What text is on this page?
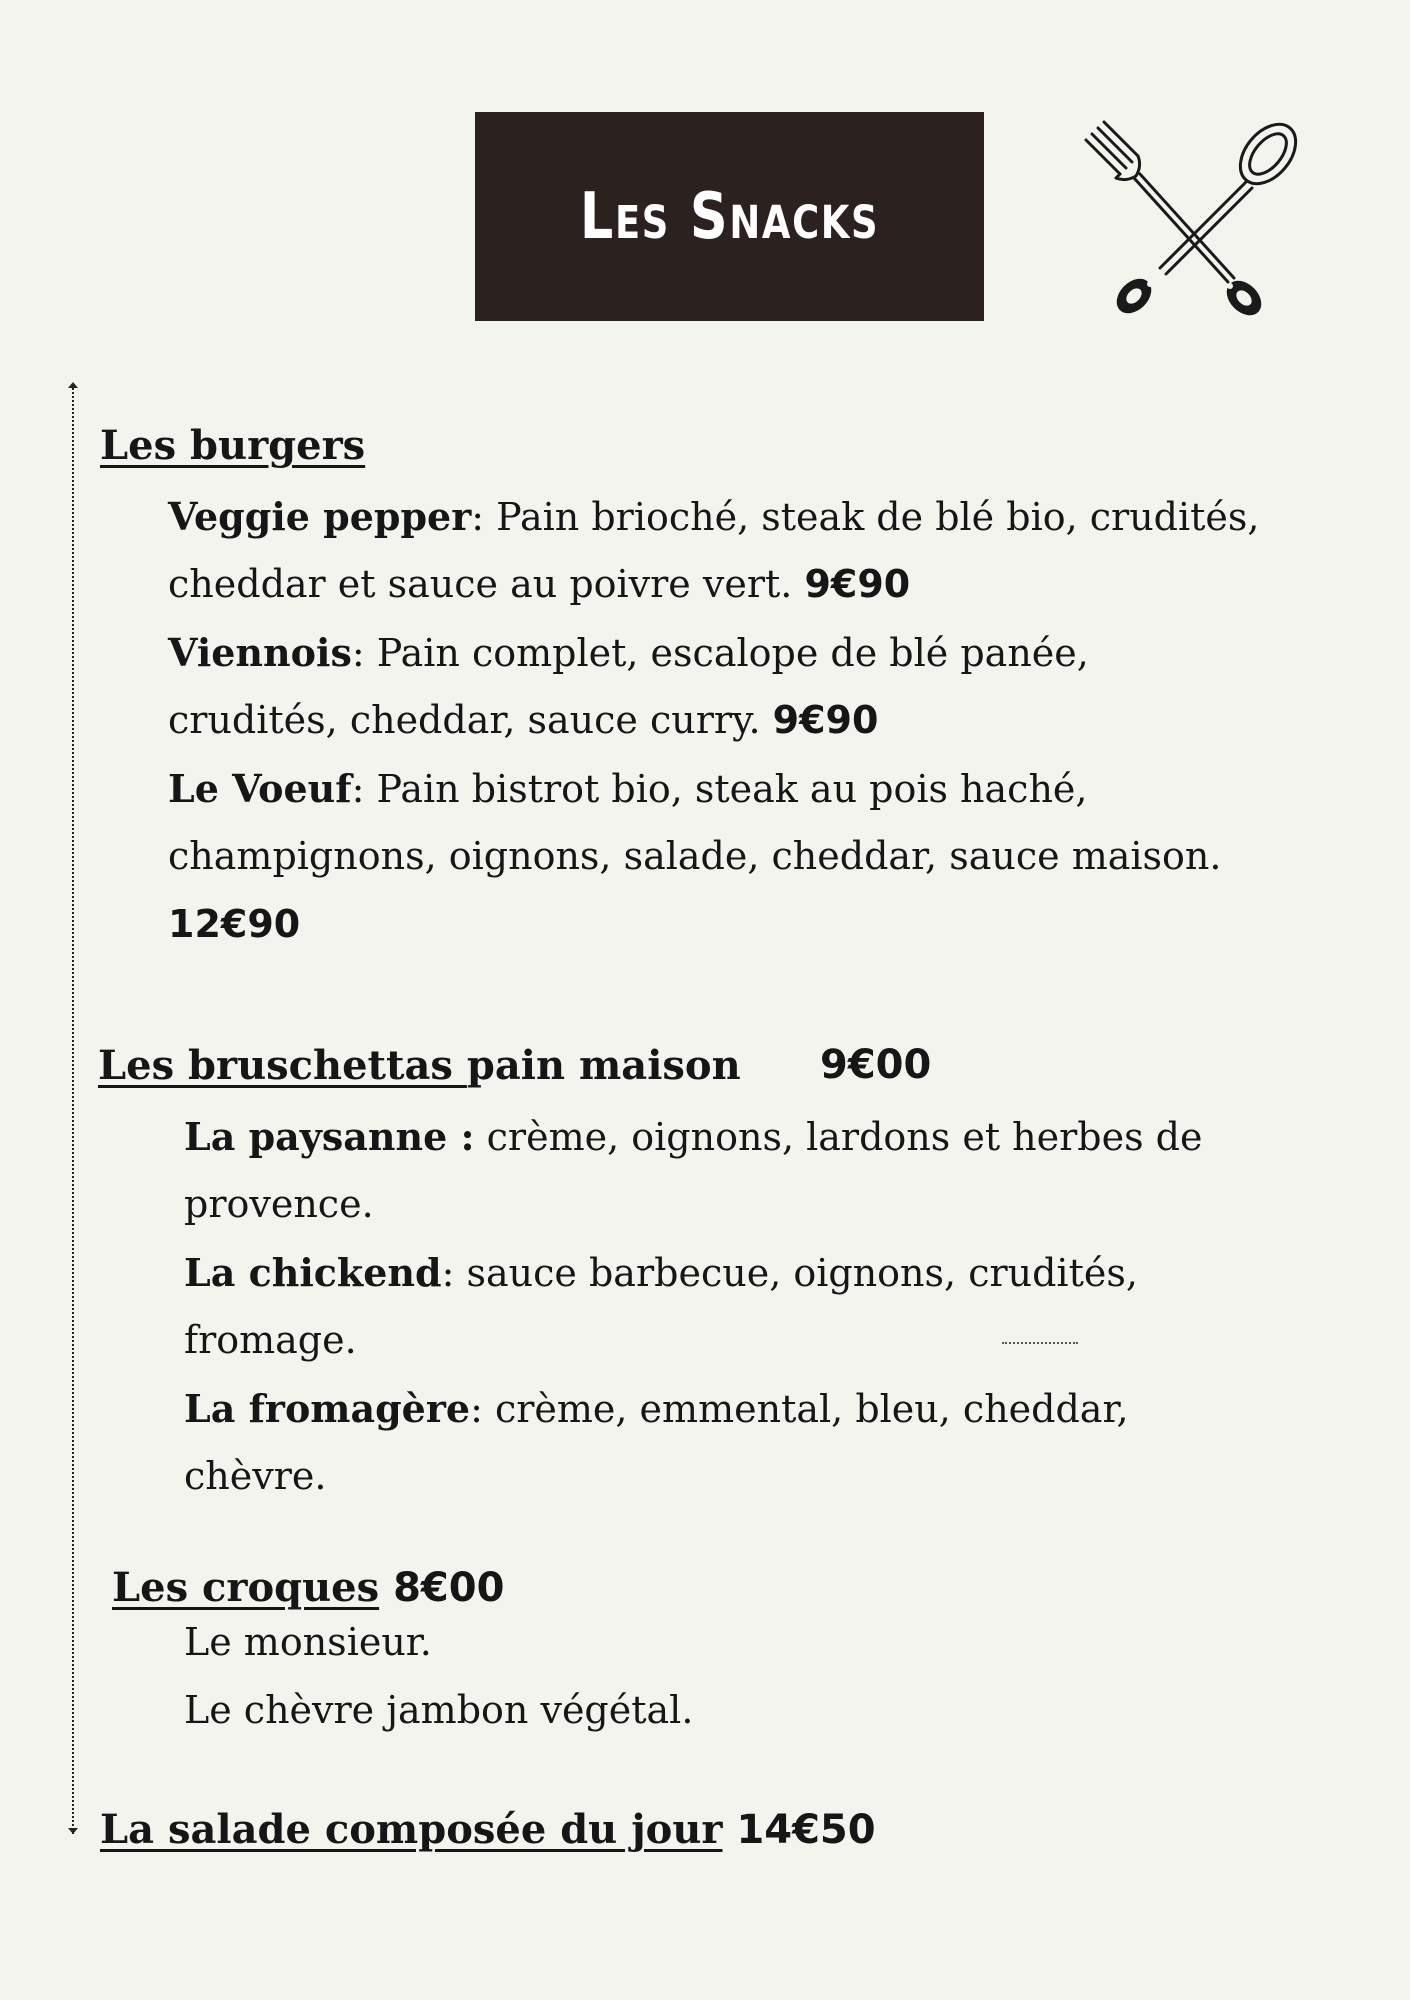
Les Snacks
Les burgers
Veggie pepper: Pain brioché, steak de blé bio, crudités,
cheddar et sauce au poivre vert. 9€90
Viennois: Pain complet, escalope de blé panée,
crudités, cheddar, sauce curry. 9€90
Le Voeuf: Pain bistrot bio, steak au pois haché,
champignons, oignons, salade, cheddar, sauce maison.
12€90
Les bruschettas pain maison 9€00
La paysanne : crème, oignons, lardons et herbes de
provence.
La chickend: sauce barbecue, oignons, crudités,
fromage.
La fromagère: crème, emmental, bleu, cheddar,
chèvre.
Les croques 8€00
Le monsieur.
Le chèvre jambon végétal.
La salade composée du jour 14€50
